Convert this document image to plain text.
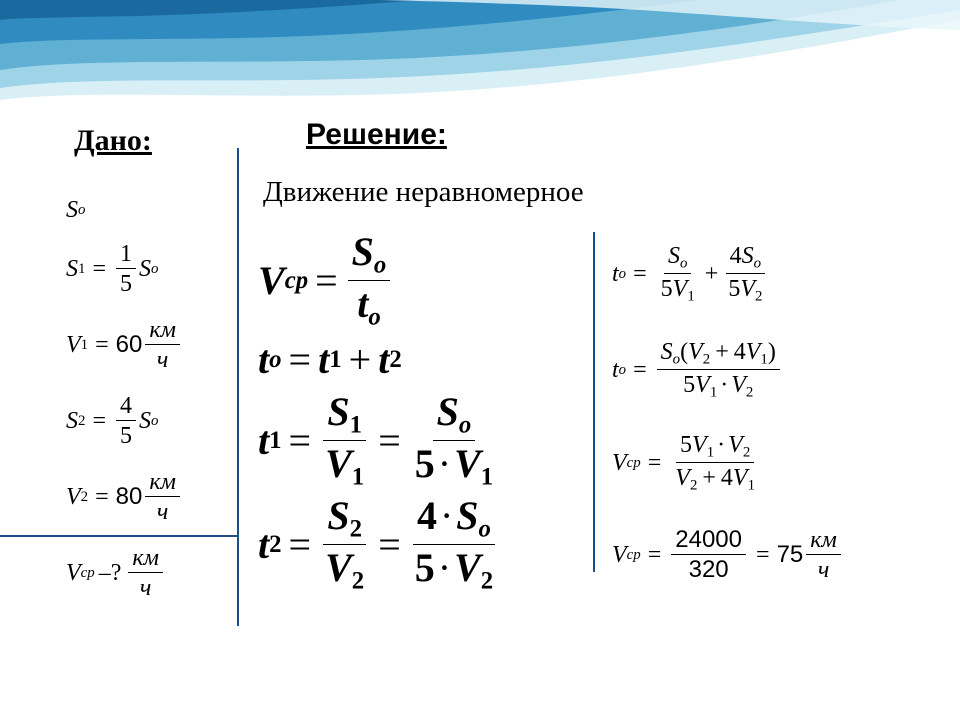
Дано:	Решение:
Движение неравномерное
S o
S $1 = \frac{1}{5}$ S o
V $1 = 60 \frac{км}{ч}$
S $2 = \frac{4}{5}$ S o
V $2 = 80 \frac{км}{ч}$
V ср –? $\frac{км}{ч}$
V ср = $\frac{S_o}{t_o}$
t o = t 1 + t 2
t $1 = \frac{S1}{V1} = \frac{S_o}{5\cdot V1}$
t $2 = \frac{S2}{V2} = \frac{4\cdot S_o}{5\cdot V2}$
t $o = \frac{S_o}{5V1} + \frac{4S_o}{5V2}$
t $o = \frac{S_o(V2 + 4V1)}{5V1 \cdot V2}$
V ср = $\frac{5V1 \cdot V2}{V2 + 4V1}$
V ср = $\frac{24000}{320} = 75 \frac{км}{ч}$
